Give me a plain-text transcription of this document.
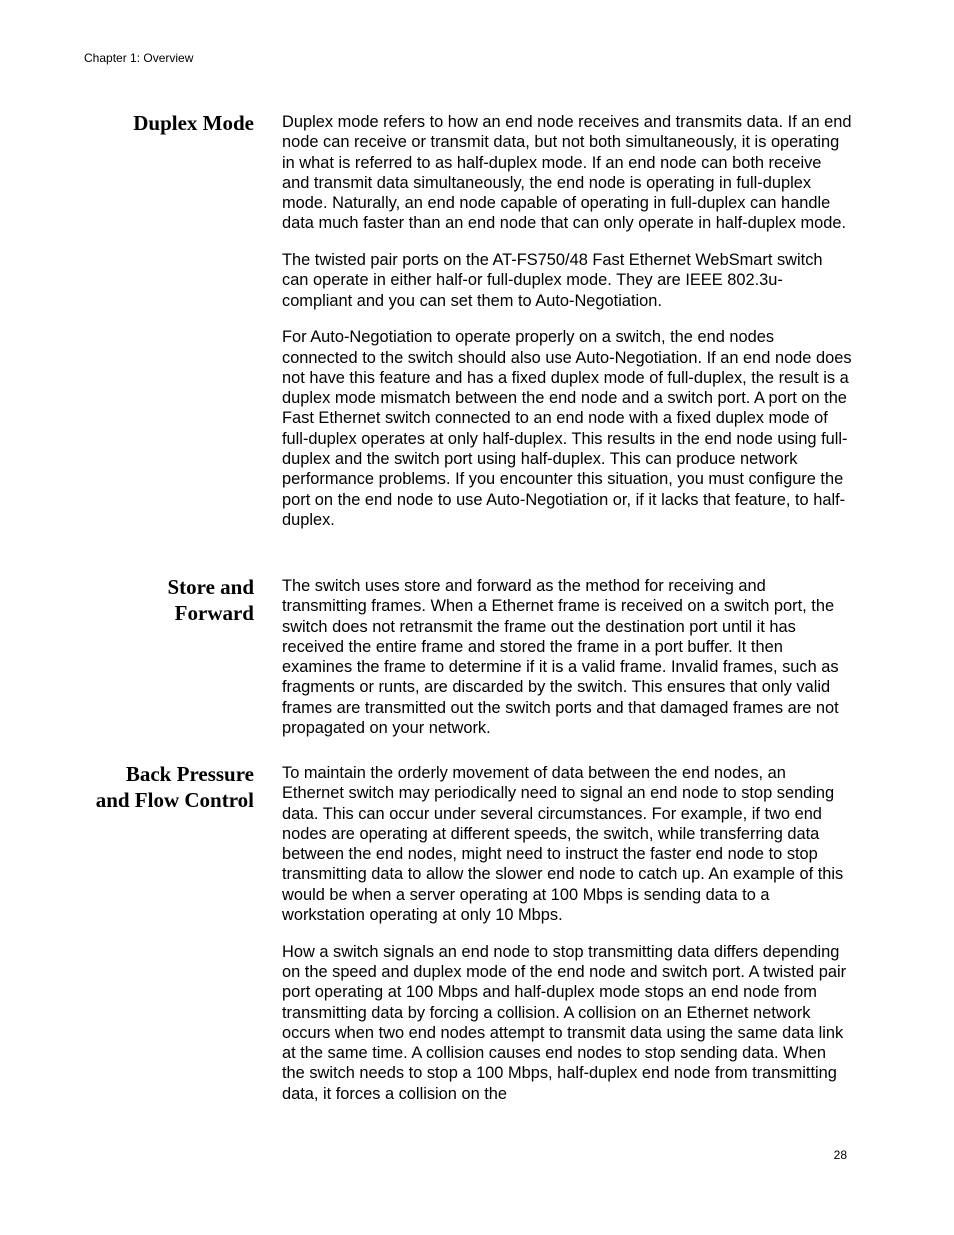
Chapter 1: Overview
Duplex Mode Duplex mode refers to how an end node receives and transmits data. If an end node can receive or transmit data, but not both simultaneously, it is operating in what is referred to as half-duplex mode. If an end node can both receive and transmit data simultaneously, the end node is operating in full-duplex mode. Naturally, an end node capable of operating in full-duplex can handle data much faster than an end node that can only operate in half-duplex mode.

The twisted pair ports on the AT-FS750/48 Fast Ethernet WebSmart switch can operate in either half-or full-duplex mode. They are IEEE 802.3u-compliant and you can set them to Auto-Negotiation.

For Auto-Negotiation to operate properly on a switch, the end nodes connected to the switch should also use Auto-Negotiation. If an end node does not have this feature and has a fixed duplex mode of full-duplex, the result is a duplex mode mismatch between the end node and a switch port. A port on the Fast Ethernet switch connected to an end node with a fixed duplex mode of full-duplex operates at only half-duplex. This results in the end node using full-duplex and the switch port using half-duplex. This can produce network performance problems. If you encounter this situation, you must configure the port on the end node to use Auto-Negotiation or, if it lacks that feature, to half-duplex.

Store and
Forward

The switch uses store and forward as the method for receiving and transmitting frames. When a Ethernet frame is received on a switch port, the switch does not retransmit the frame out the destination port until it has received the entire frame and stored the frame in a port buffer. It then examines the frame to determine if it is a valid frame. Invalid frames, such as fragments or runts, are discarded by the switch. This ensures that only valid frames are transmitted out the switch ports and that damaged frames are not propagated on your network.

Back Pressure
and Flow Control

To maintain the orderly movement of data between the end nodes, an Ethernet switch may periodically need to signal an end node to stop sending data. This can occur under several circumstances. For example, if two end nodes are operating at different speeds, the switch, while transferring data between the end nodes, might need to instruct the faster end node to stop transmitting data to allow the slower end node to catch up. An example of this would be when a server operating at 100 Mbps is sending data to a workstation operating at only 10 Mbps.

How a switch signals an end node to stop transmitting data differs depending on the speed and duplex mode of the end node and switch port. A twisted pair port operating at 100 Mbps and half-duplex mode stops an end node from transmitting data by forcing a collision. A collision on an Ethernet network occurs when two end nodes attempt to transmit data using the same data link at the same time. A collision causes end nodes to stop sending data. When the switch needs to stop a 100 Mbps, half-duplex end node from transmitting data, it forces a collision on the

28
